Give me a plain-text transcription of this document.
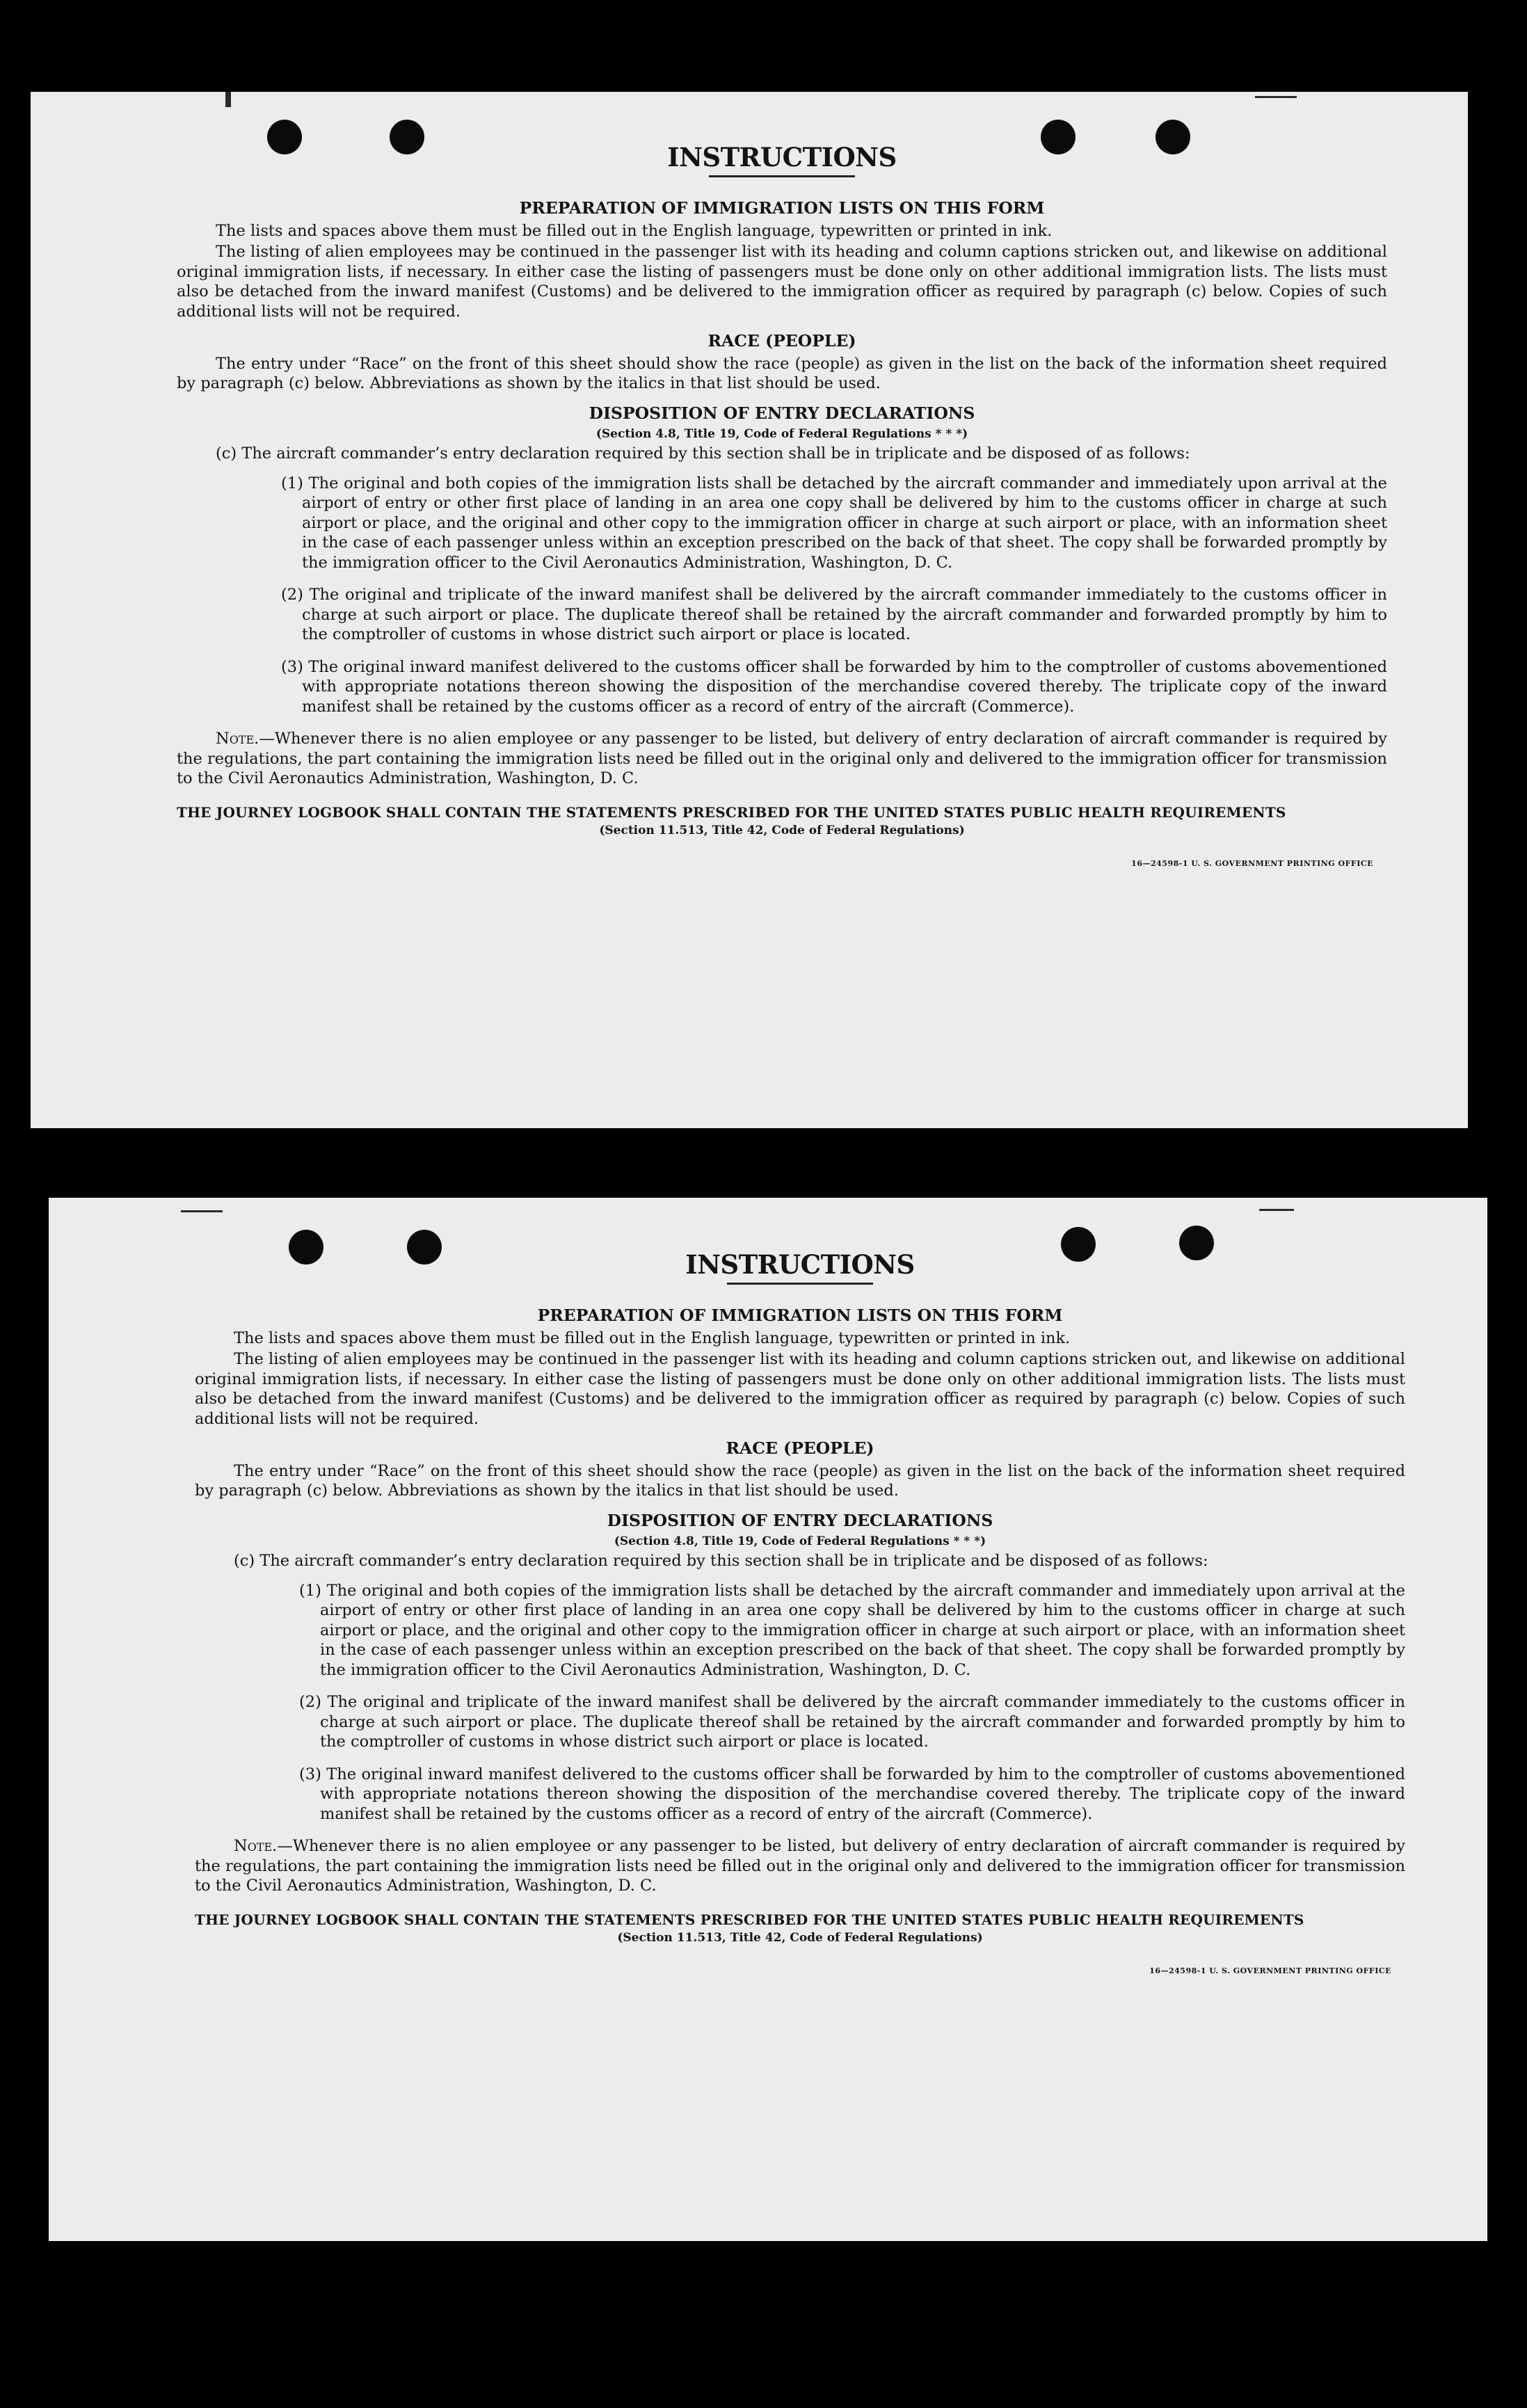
INSTRUCTIONS
PREPARATION OF IMMIGRATION LISTS ON THIS FORM

The lists and spaces above them must be filled out in the English language, typewritten or printed in ink.

The listing of alien employees may be continued in the passenger list with its heading and column captions stricken out, and likewise on additional original immigration lists, if necessary. In either case the listing of passengers must be done only on other additional immigration lists. The lists must also be detached from the inward manifest (Customs) and be delivered to the immigration officer as required by paragraph (c) below. Copies of such additional lists will not be required.

RACE (PEOPLE)

The entry under “Race” on the front of this sheet should show the race (people) as given in the list on the back of the information sheet required by paragraph (c) below. Abbreviations as shown by the italics in that list should be used.

DISPOSITION OF ENTRY DECLARATIONS
(Section 4.8, Title 19, Code of Federal Regulations * * *)

(c) The aircraft commander’s entry declaration required by this section shall be in triplicate and be disposed of as follows:

(1) The original and both copies of the immigration lists shall be detached by the aircraft commander and immediately upon arrival at the airport of entry or other first place of landing in an area one copy shall be delivered by him to the customs officer in charge at such airport or place, and the original and other copy to the immigration officer in charge at such airport or place, with an information sheet in the case of each passenger unless within an exception prescribed on the back of that sheet. The copy shall be forwarded promptly by the immigration officer to the Civil Aeronautics Administration, Washington, D. C.

(2) The original and triplicate of the inward manifest shall be delivered by the aircraft commander immediately to the customs officer in charge at such airport or place. The duplicate thereof shall be retained by the aircraft commander and forwarded promptly by him to the comptroller of customs in whose district such airport or place is located.

(3) The original inward manifest delivered to the customs officer shall be forwarded by him to the comptroller of customs abovementioned with appropriate notations thereon showing the disposition of the merchandise covered thereby. The triplicate copy of the inward manifest shall be retained by the customs officer as a record of entry of the aircraft (Commerce).

Note.—Whenever there is no alien employee or any passenger to be listed, but delivery of entry declaration of aircraft commander is required by the regulations, the part containing the immigration lists need be filled out in the original only and delivered to the immigration officer for transmission to the Civil Aeronautics Administration, Washington, D. C.

THE JOURNEY LOGBOOK SHALL CONTAIN THE STATEMENTS PRESCRIBED FOR THE UNITED STATES PUBLIC HEALTH REQUIREMENTS
(Section 11.513, Title 42, Code of Federal Regulations)
16—24598-1 U. S. GOVERNMENT PRINTING OFFICE
INSTRUCTIONS
PREPARATION OF IMMIGRATION LISTS ON THIS FORM

The lists and spaces above them must be filled out in the English language, typewritten or printed in ink.

The listing of alien employees may be continued in the passenger list with its heading and column captions stricken out, and likewise on additional original immigration lists, if necessary. In either case the listing of passengers must be done only on other additional immigration lists. The lists must also be detached from the inward manifest (Customs) and be delivered to the immigration officer as required by paragraph (c) below. Copies of such additional lists will not be required.

RACE (PEOPLE)

The entry under “Race” on the front of this sheet should show the race (people) as given in the list on the back of the information sheet required by paragraph (c) below. Abbreviations as shown by the italics in that list should be used.

DISPOSITION OF ENTRY DECLARATIONS
(Section 4.8, Title 19, Code of Federal Regulations * * *)

(c) The aircraft commander’s entry declaration required by this section shall be in triplicate and be disposed of as follows:

(1) The original and both copies of the immigration lists shall be detached by the aircraft commander and immediately upon arrival at the airport of entry or other first place of landing in an area one copy shall be delivered by him to the customs officer in charge at such airport or place, and the original and other copy to the immigration officer in charge at such airport or place, with an information sheet in the case of each passenger unless within an exception prescribed on the back of that sheet. The copy shall be forwarded promptly by the immigration officer to the Civil Aeronautics Administration, Washington, D. C.

(2) The original and triplicate of the inward manifest shall be delivered by the aircraft commander immediately to the customs officer in charge at such airport or place. The duplicate thereof shall be retained by the aircraft commander and forwarded promptly by him to the comptroller of customs in whose district such airport or place is located.

(3) The original inward manifest delivered to the customs officer shall be forwarded by him to the comptroller of customs abovementioned with appropriate notations thereon showing the disposition of the merchandise covered thereby. The triplicate copy of the inward manifest shall be retained by the customs officer as a record of entry of the aircraft (Commerce).

Note.—Whenever there is no alien employee or any passenger to be listed, but delivery of entry declaration of aircraft commander is required by the regulations, the part containing the immigration lists need be filled out in the original only and delivered to the immigration officer for transmission to the Civil Aeronautics Administration, Washington, D. C.

THE JOURNEY LOGBOOK SHALL CONTAIN THE STATEMENTS PRESCRIBED FOR THE UNITED STATES PUBLIC HEALTH REQUIREMENTS
(Section 11.513, Title 42, Code of Federal Regulations)
16—24598-1 U. S. GOVERNMENT PRINTING OFFICE
